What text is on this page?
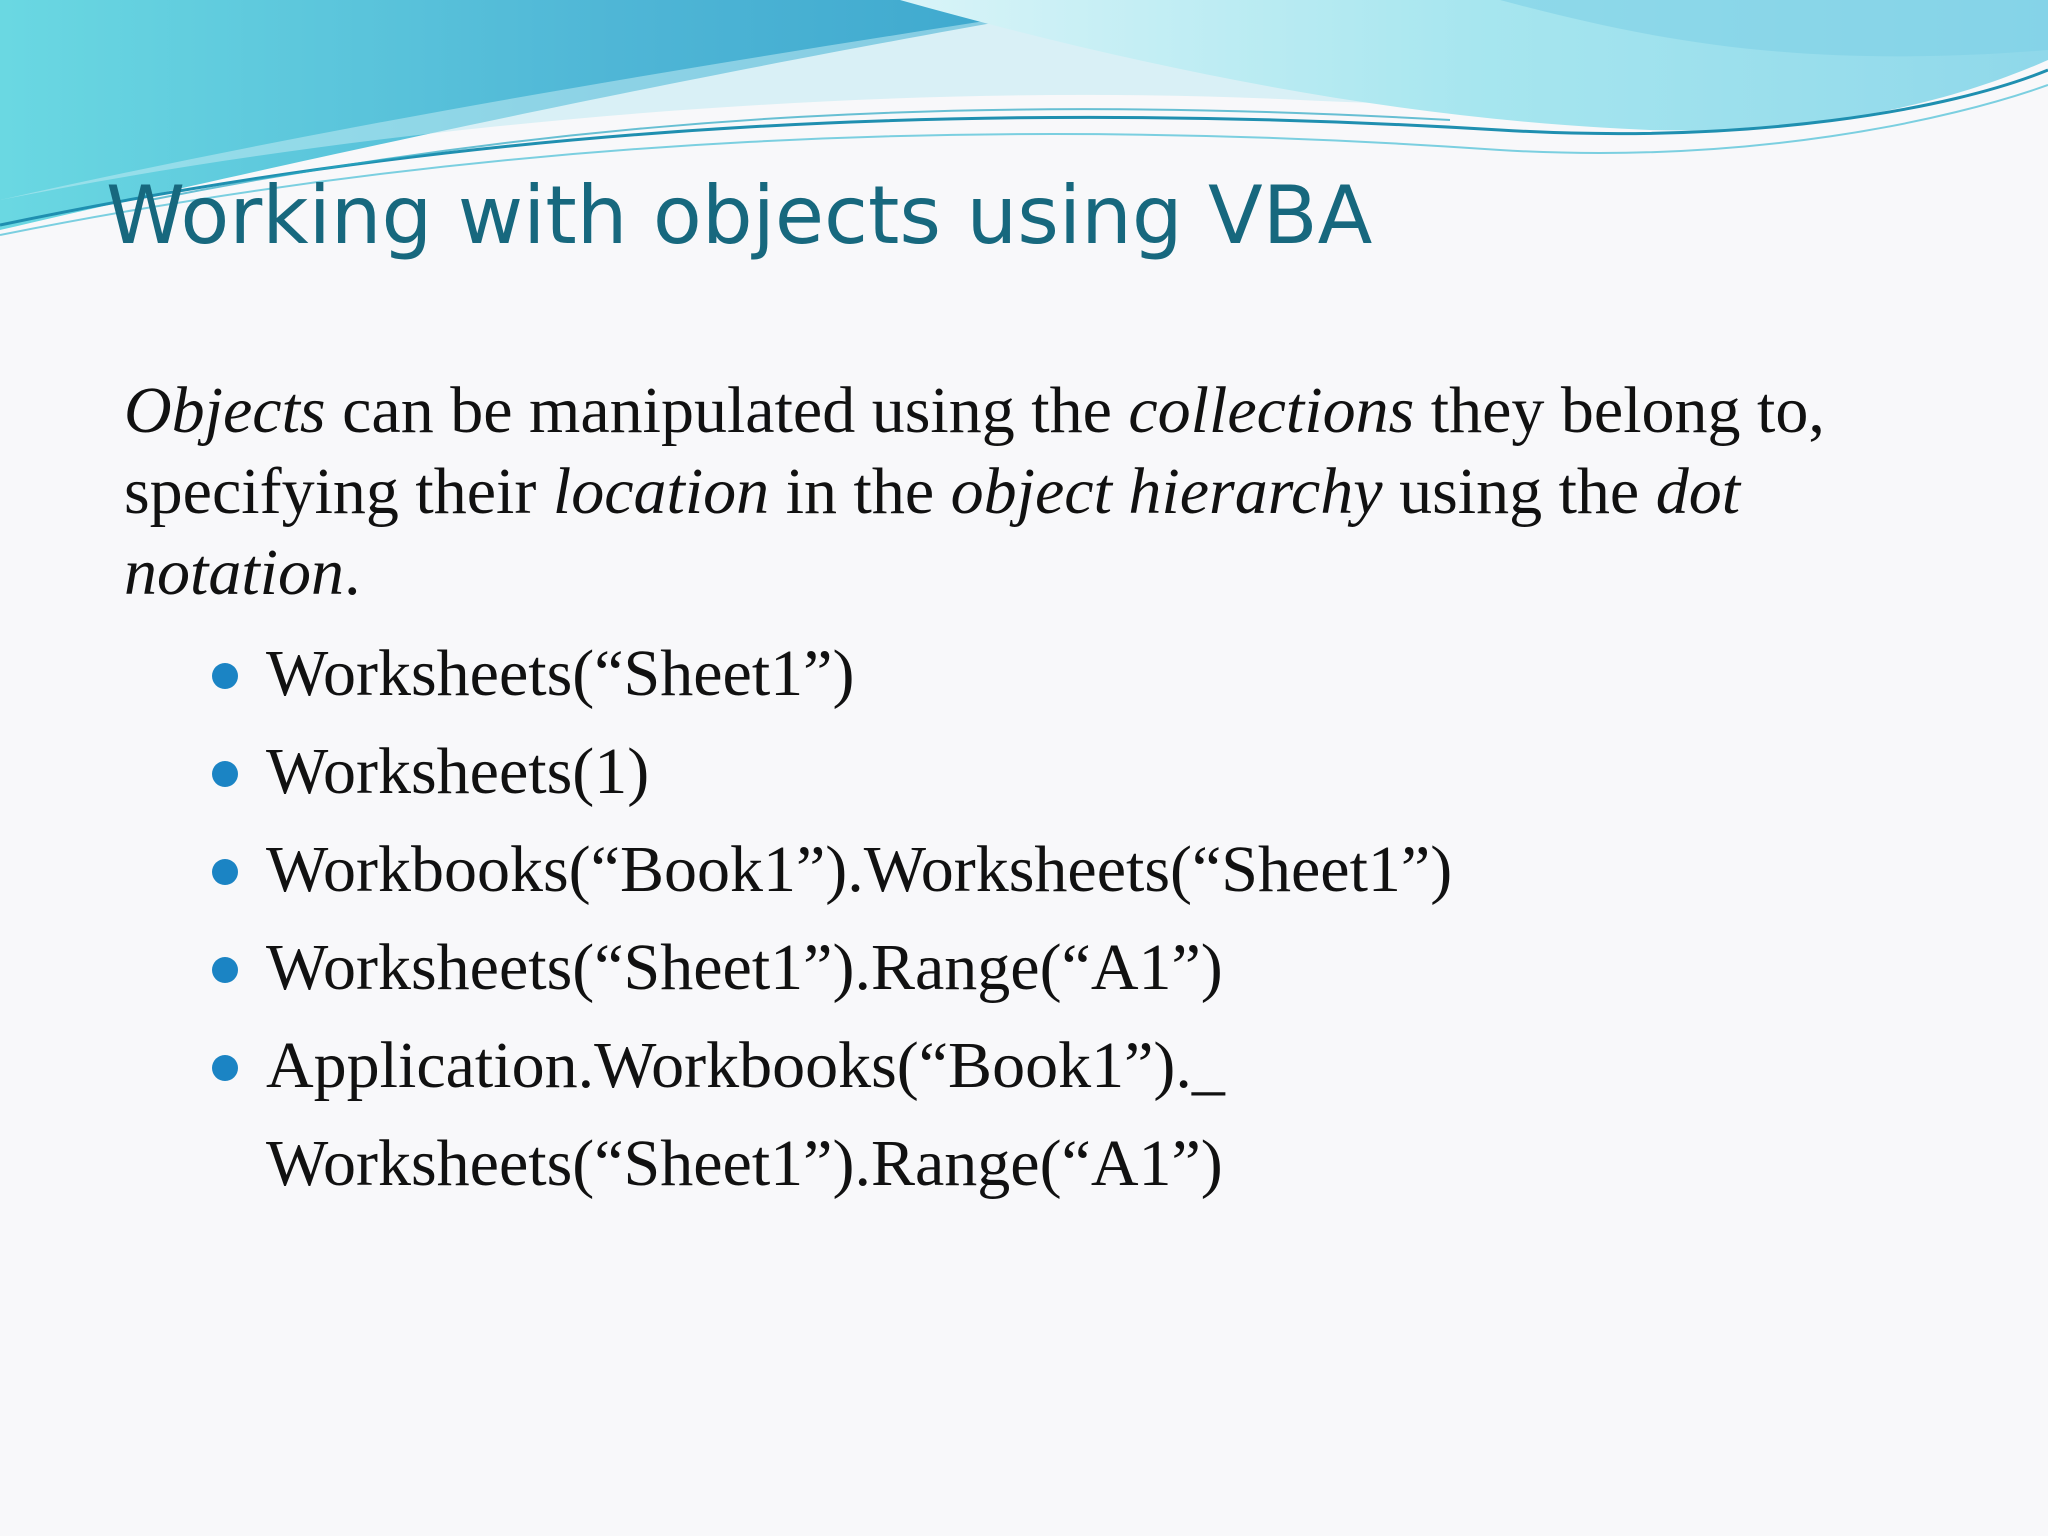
Working with objects using VBA

Objects can be manipulated using the collections they belong to, specifying their location in the object hierarchy using the dot notation.

Worksheets(“Sheet1”)
Worksheets(1)
Workbooks(“Book1”).Worksheets(“Sheet1”)
Worksheets(“Sheet1”).Range(“A1”)
Application.Workbooks(“Book1”)._
Worksheets(“Sheet1”).Range(“A1”)
